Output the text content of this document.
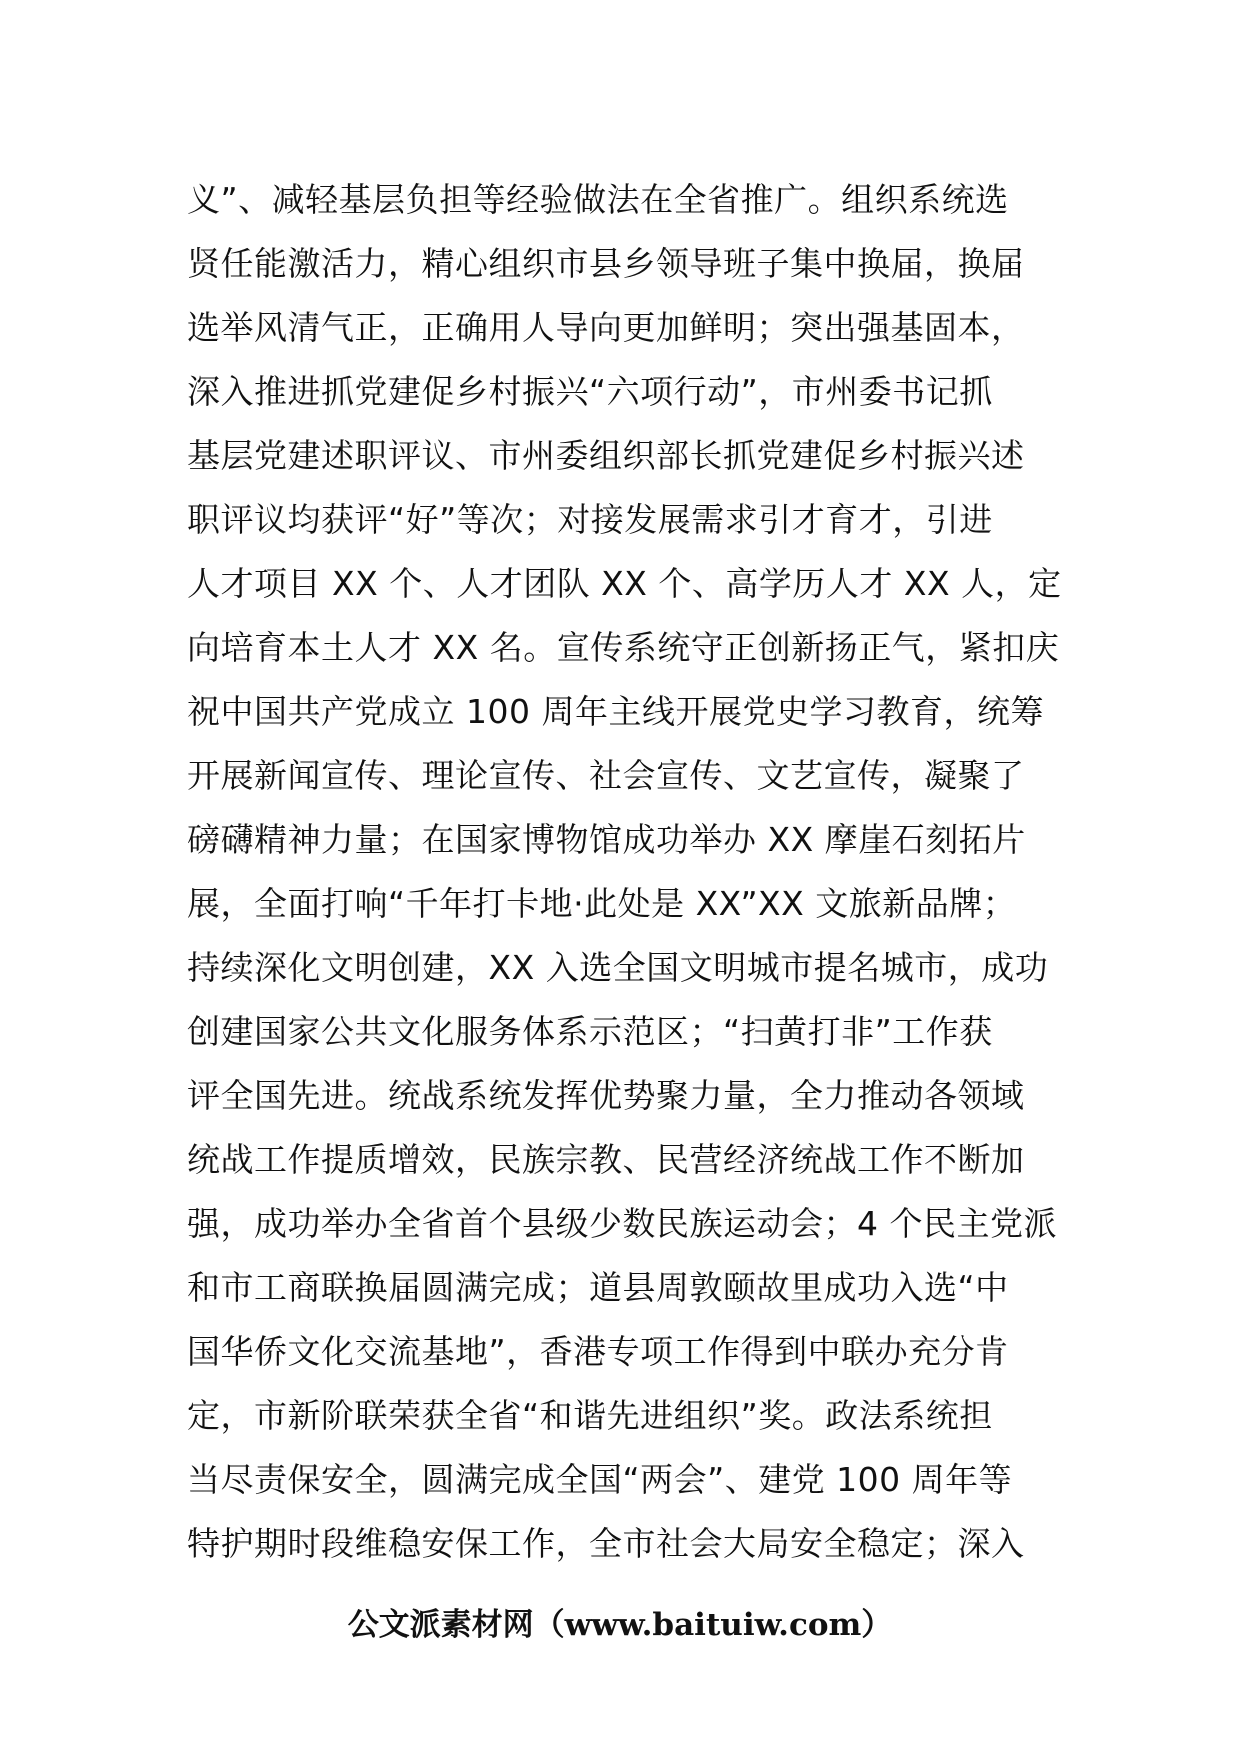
义”、减轻基层负担等经验做法在全省推广。组织系统选
贤任能激活力，精心组织市县乡领导班子集中换届，换届
选举风清气正，正确用人导向更加鲜明；突出强基固本，
深入推进抓党建促乡村振兴“六项行动”，市州委书记抓
基层党建述职评议、市州委组织部长抓党建促乡村振兴述
职评议均获评“好”等次；对接发展需求引才育才，引进
人才项目 XX 个、人才团队 XX 个、高学历人才 XX 人，定
向培育本土人才 XX 名。宣传系统守正创新扬正气，紧扣庆
祝中国共产党成立 100 周年主线开展党史学习教育，统筹
开展新闻宣传、理论宣传、社会宣传、文艺宣传，凝聚了
磅礴精神力量；在国家博物馆成功举办 XX 摩崖石刻拓片
展，全面打响“千年打卡地·此处是 XX”XX 文旅新品牌；
持续深化文明创建，XX 入选全国文明城市提名城市，成功
创建国家公共文化服务体系示范区；“扫黄打非”工作获
评全国先进。统战系统发挥优势聚力量，全力推动各领域
统战工作提质增效，民族宗教、民营经济统战工作不断加
强，成功举办全省首个县级少数民族运动会；4 个民主党派
和市工商联换届圆满完成；道县周敦颐故里成功入选“中
国华侨文化交流基地”，香港专项工作得到中联办充分肯
定，市新阶联荣获全省“和谐先进组织”奖。政法系统担
当尽责保安全，圆满完成全国“两会”、建党 100 周年等
特护期时段维稳安保工作，全市社会大局安全稳定；深入
公文派素材网（www.baituiw.com）
